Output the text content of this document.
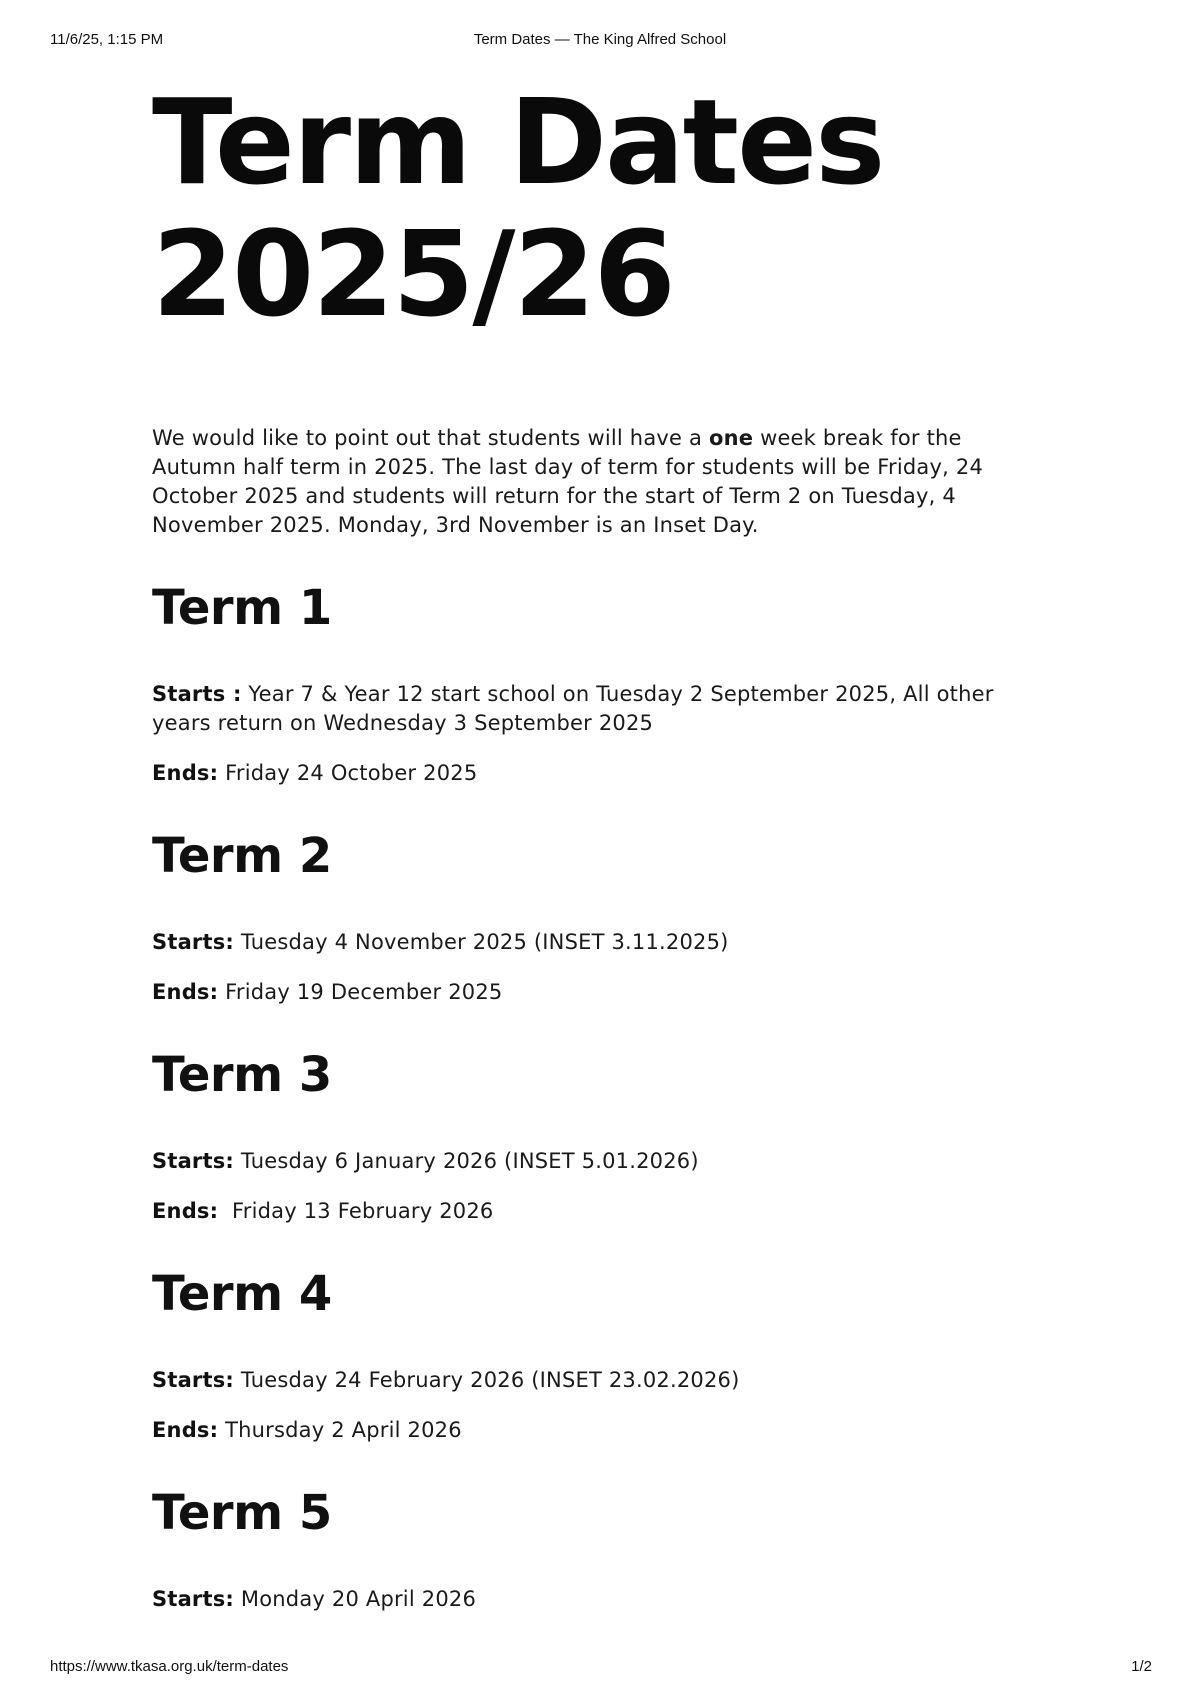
11/6/25, 1:15 PM	Term Dates — The King Alfred School
Term Dates
2025/26

We would like to point out that students will have a one week break for the Autumn half term in 2025. The last day of term for students will be Friday, 24 October 2025 and students will return for the start of Term 2 on Tuesday, 4 November 2025. Monday, 3rd November is an Inset Day.

Term 1

Starts : Year 7 & Year 12 start school on Tuesday 2 September 2025, All other years return on Wednesday 3 September 2025

Ends: Friday 24 October 2025

Term 2

Starts: Tuesday 4 November 2025 (INSET 3.11.2025)

Ends: Friday 19 December 2025

Term 3

Starts: Tuesday 6 January 2026 (INSET 5.01.2026)

Ends:  Friday 13 February 2026

Term 4

Starts: Tuesday 24 February 2026 (INSET 23.02.2026)

Ends: Thursday 2 April 2026

Term 5

Starts: Monday 20 April 2026

https://www.tkasa.org.uk/term-dates	1/2
